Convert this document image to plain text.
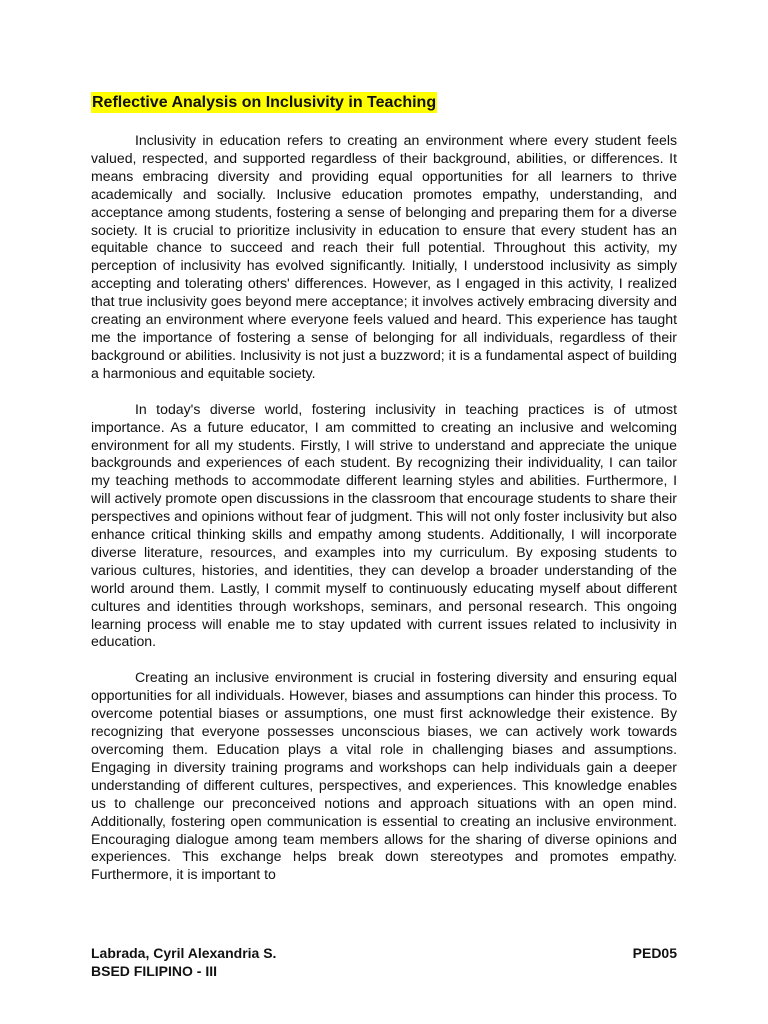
Reflective Analysis on Inclusivity in Teaching

Inclusivity in education refers to creating an environment where every student feels valued, respected, and supported regardless of their background, abilities, or differences. It means embracing diversity and providing equal opportunities for all learners to thrive academically and socially. Inclusive education promotes empathy, understanding, and acceptance among students, fostering a sense of belonging and preparing them for a diverse society. It is crucial to prioritize inclusivity in education to ensure that every student has an equitable chance to succeed and reach their full potential. Throughout this activity, my perception of inclusivity has evolved significantly. Initially, I understood inclusivity as simply accepting and tolerating others' differences. However, as I engaged in this activity, I realized that true inclusivity goes beyond mere acceptance; it involves actively embracing diversity and creating an environment where everyone feels valued and heard. This experience has taught me the importance of fostering a sense of belonging for all individuals, regardless of their background or abilities. Inclusivity is not just a buzzword; it is a fundamental aspect of building a harmonious and equitable society.

In today's diverse world, fostering inclusivity in teaching practices is of utmost importance. As a future educator, I am committed to creating an inclusive and welcoming environment for all my students. Firstly, I will strive to understand and appreciate the unique backgrounds and experiences of each student. By recognizing their individuality, I can tailor my teaching methods to accommodate different learning styles and abilities. Furthermore, I will actively promote open discussions in the classroom that encourage students to share their perspectives and opinions without fear of judgment. This will not only foster inclusivity but also enhance critical thinking skills and empathy among students. Additionally, I will incorporate diverse literature, resources, and examples into my curriculum. By exposing students to various cultures, histories, and identities, they can develop a broader understanding of the world around them. Lastly, I commit myself to continuously educating myself about different cultures and identities through workshops, seminars, and personal research. This ongoing learning process will enable me to stay updated with current issues related to inclusivity in education.

Creating an inclusive environment is crucial in fostering diversity and ensuring equal opportunities for all individuals. However, biases and assumptions can hinder this process. To overcome potential biases or assumptions, one must first acknowledge their existence. By recognizing that everyone possesses unconscious biases, we can actively work towards overcoming them. Education plays a vital role in challenging biases and assumptions. Engaging in diversity training programs and workshops can help individuals gain a deeper understanding of different cultures, perspectives, and experiences. This knowledge enables us to challenge our preconceived notions and approach situations with an open mind. Additionally, fostering open communication is essential to creating an inclusive environment. Encouraging dialogue among team members allows for the sharing of diverse opinions and experiences. This exchange helps break down stereotypes and promotes empathy. Furthermore, it is important to

Labrada, Cyril Alexandria S.	PED05
BSED FILIPINO - III
